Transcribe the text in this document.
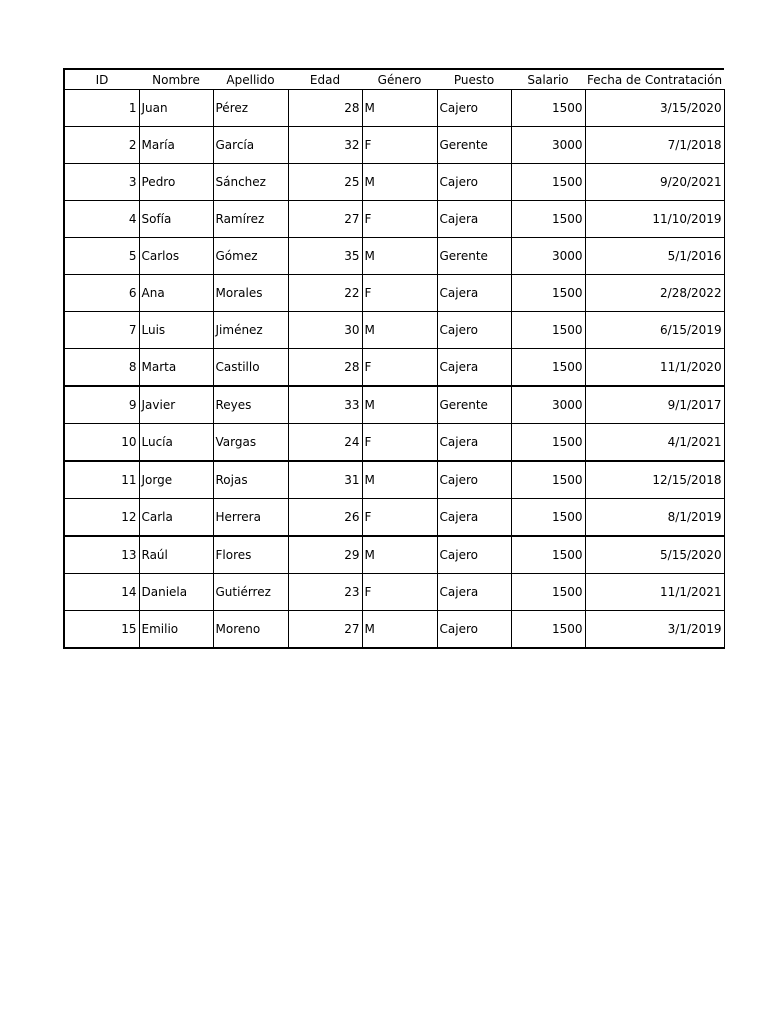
ID	Nombre	Apellido	Edad	Género	Puesto	Salario	Fecha de Contratación

1	Juan	Pérez	28	M	Cajero	1500	3/15/2020
2	María	García	32	F	Gerente	3000	7/1/2018
3	Pedro	Sánchez	25	M	Cajero	1500	9/20/2021
4	Sofía	Ramírez	27	F	Cajera	1500	11/10/2019
5	Carlos	Gómez	35	M	Gerente	3000	5/1/2016
6	Ana	Morales	22	F	Cajera	1500	2/28/2022
7	Luis	Jiménez	30	M	Cajero	1500	6/15/2019
8	Marta	Castillo	28	F	Cajera	1500	11/1/2020
9	Javier	Reyes	33	M	Gerente	3000	9/1/2017
10	Lucía	Vargas	24	F	Cajera	1500	4/1/2021
11	Jorge	Rojas	31	M	Cajero	1500	12/15/2018
12	Carla	Herrera	26	F	Cajera	1500	8/1/2019
13	Raúl	Flores	29	M	Cajero	1500	5/15/2020
14	Daniela	Gutiérrez	23	F	Cajera	1500	11/1/2021
15	Emilio	Moreno	27	M	Cajero	1500	3/1/2019
